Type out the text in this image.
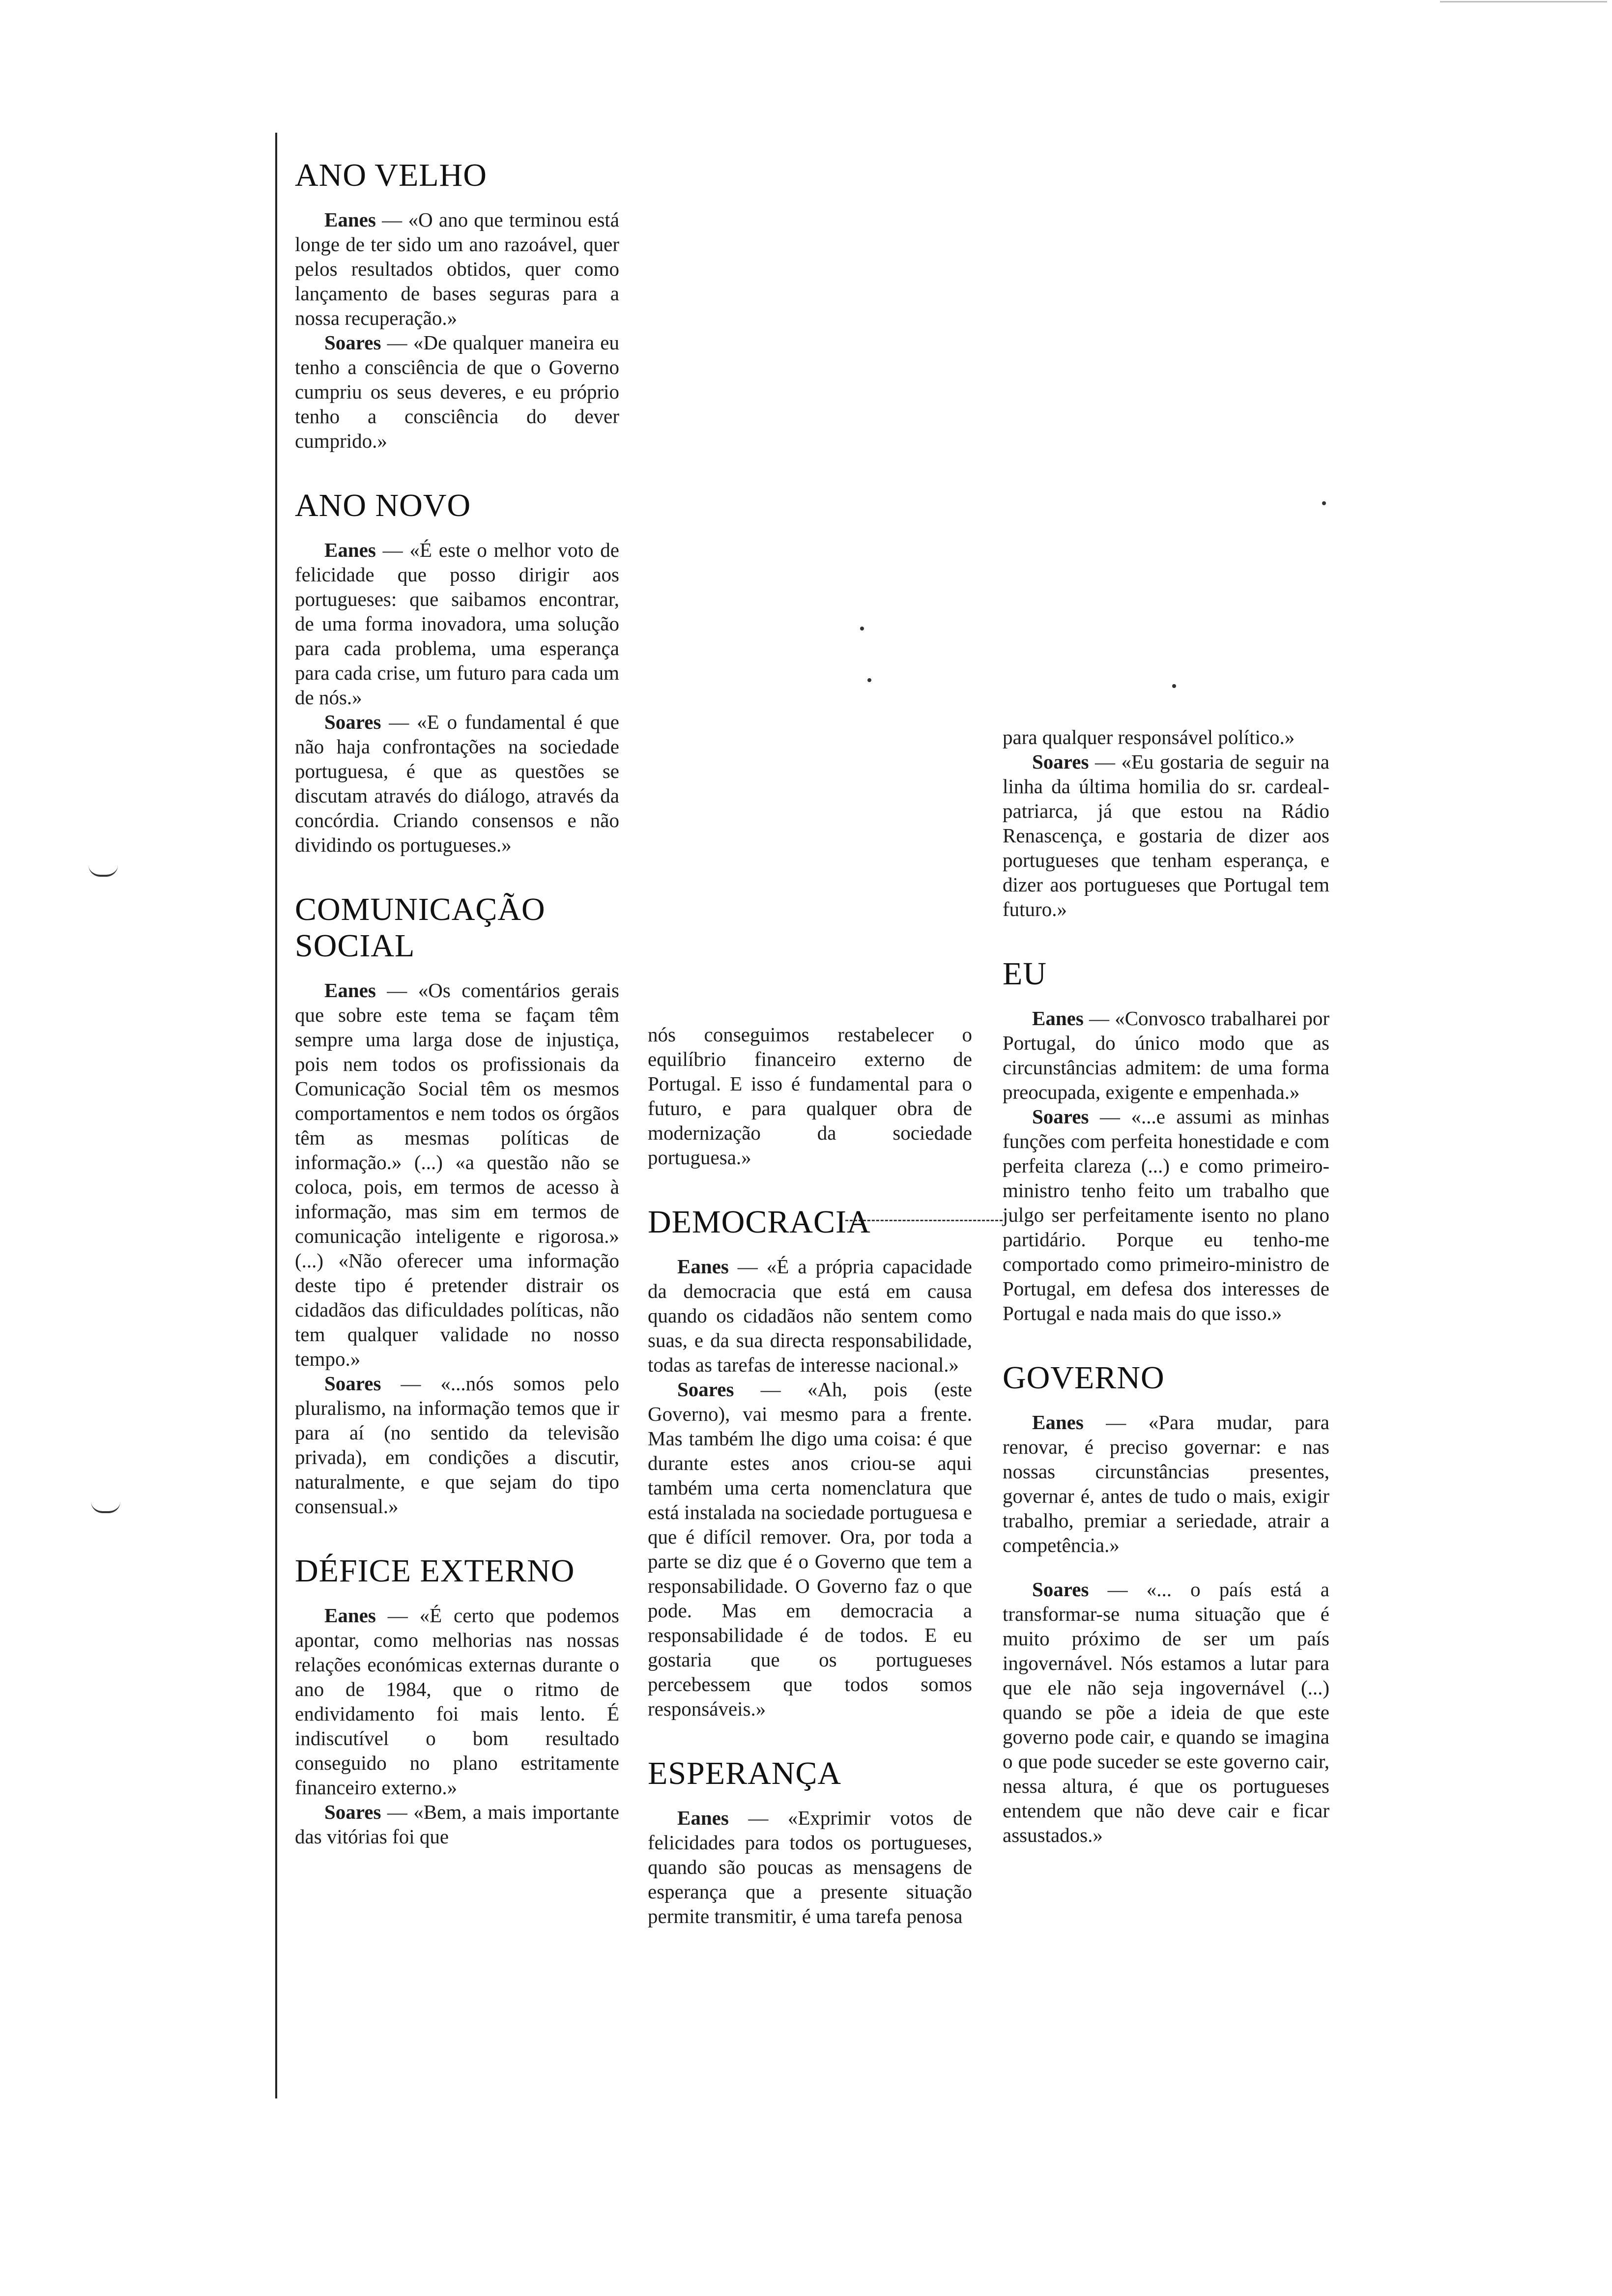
ANO VELHO

Eanes — «O ano que terminou está longe de ter sido um ano razoável, quer pelos resultados obtidos, quer como lançamento de bases seguras para a nossa recuperação.»

Soares — «De qualquer maneira eu tenho a consciência de que o Governo cumpriu os seus deveres, e eu próprio tenho a consciência do dever cumprido.»

ANO NOVO

Eanes — «É este o melhor voto de felicidade que posso dirigir aos portugueses: que saibamos encontrar, de uma forma inovadora, uma solução para cada problema, uma esperança para cada crise, um futuro para cada um de nós.»

Soares — «E o fundamental é que não haja confrontações na sociedade portuguesa, é que as questões se discutam através do diálogo, através da concórdia. Criando consensos e não dividindo os portugueses.»

COMUNICAÇÃO SOCIAL

Eanes — «Os comentários gerais que sobre este tema se façam têm sempre uma larga dose de injustiça, pois nem todos os profissionais da Comunicação Social têm os mesmos comportamentos e nem todos os órgãos têm as mesmas políticas de informação.» (...) «a questão não se coloca, pois, em termos de acesso à informação, mas sim em termos de comunicação inteligente e rigorosa.» (...) «Não oferecer uma informação deste tipo é pretender distrair os cidadãos das dificuldades políticas, não tem qualquer validade no nosso tempo.»

Soares — «...nós somos pelo pluralismo, na informação temos que ir para aí (no sentido da televisão privada), em condições a discutir, naturalmente, e que sejam do tipo consensual.»

DÉFICE EXTERNO

Eanes — «É certo que podemos apontar, como melhorias nas nossas relações económicas externas durante o ano de 1984, que o ritmo de endividamento foi mais lento. É indiscutível o bom resultado conseguido no plano estritamente financeiro externo.»

Soares — «Bem, a mais importante das vitórias foi que

nós conseguimos restabelecer o equilíbrio financeiro externo de Portugal. E isso é fundamental para o futuro, e para qualquer obra de modernização da sociedade portuguesa.»

DEMOCRACIA

Eanes — «É a própria capacidade da democracia que está em causa quando os cidadãos não sentem como suas, e da sua directa responsabilidade, todas as tarefas de interesse nacional.»

Soares — «Ah, pois (este Governo), vai mesmo para a frente. Mas também lhe digo uma coisa: é que durante estes anos criou-se aqui também uma certa nomenclatura que está instalada na sociedade portuguesa e que é difícil remover. Ora, por toda a parte se diz que é o Governo que tem a responsabilidade. O Governo faz o que pode. Mas em democracia a responsabilidade é de todos. E eu gostaria que os portugueses percebessem que todos somos responsáveis.»

ESPERANÇA

Eanes — «Exprimir votos de felicidades para todos os portugueses, quando são poucas as mensagens de esperança que a presente situação permite transmitir, é uma tarefa penosa

para qualquer responsável político.»

Soares — «Eu gostaria de seguir na linha da última homilia do sr. cardeal-patriarca, já que estou na Rádio Renascença, e gostaria de dizer aos portugueses que tenham esperança, e dizer aos portugueses que Portugal tem futuro.»

EU

Eanes — «Convosco trabalharei por Portugal, do único modo que as circunstâncias admitem: de uma forma preocupada, exigente e empenhada.»

Soares — «...e assumi as minhas funções com perfeita honestidade e com perfeita clareza (...) e como primeiro-ministro tenho feito um trabalho que julgo ser perfeitamente isento no plano partidário. Porque eu tenho-me comportado como primeiro-ministro de Portugal, em defesa dos interesses de Portugal e nada mais do que isso.»

GOVERNO

Eanes — «Para mudar, para renovar, é preciso governar: e nas nossas circunstâncias presentes, governar é, antes de tudo o mais, exigir trabalho, premiar a seriedade, atrair a competência.»

Soares — «... o país está a transformar-se numa situação que é muito próximo de ser um país ingovernável. Nós estamos a lutar para que ele não seja ingovernável (...) quando se põe a ideia de que este governo pode cair, e quando se imagina o que pode suceder se este governo cair, nessa altura, é que os portugueses entendem que não deve cair e ficar assustados.»
